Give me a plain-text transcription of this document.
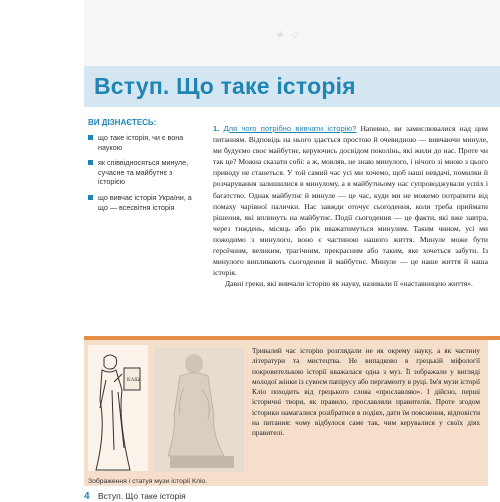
✦ ✧
Вступ. Що таке історія
ВИ ДІЗНАЄТЕСЬ:
що таке історія, чи є вона наукою
як співвідносяться минуле, сучасне та майбутнє з історією
що вивчає історія України, а що — всесвітня історія

1. Для чого потрібно вивчати історію? Напевно, ви замислювалися над цим питанням. Відповідь на нього здається простою й очевидною — вивчаючи минуле, ми будуємо своє майбутнє, керуючись досвідом поколінь, які жили до нас. Проте чи так це? Можна сказати собі: а ж, мовляв, не знаю минулого, і нічого зі мною з цього приводу не станеться. У той самий час усі ми хочемо, щоб наші невдачі, помилки й розчарування залишилися в минулому, а в майбутньому нас супроводжували успіх і багатство. Однак майбутнє й минуле — це час, куди ми не можемо потрапити від помаху чарівної палички. Нас завжди оточує сьогодення, коли треба приймати рішення, які вплинуть на майбутнє. Події сьогодення — це факти, які вже завтра, через тиждень, місяць або рік вважатимуться минулим. Таким чином, усі ми пожодимо з минулого, воно є частиною нашого життя. Минуле може бути героїчним, великим, трагічним, прекрасним або таким, яке хочеться забути. Із минулого випливають сьогодення й майбутнє. Минуле — це наше життя й наша історія.

Давні греки, які вивчали історію як науку, називали її «наставницею життя».

ΚΛΙΩ
Зображення і статуя музи історії Кліо.
Тривалий час історію розглядали не як окрему науку, а як частину літератури та мистецтва. Не випадково в грецькій міфології покровителькою історії вважалася одна з муз. Її зображали у вигляді молодої жінки із сувоєм папірусу або пергаменту в руці. Ім'я музи історії Кліо походить від грецького слова «прославляю». І дійсно, перші історичні твори, як правило, прославляли правителів. Проте згодом історики намагалися розібратися в подіях, дати їм пояснення, відповісти на питання: чому відбулося саме так, чим керувалися у своїх діях правителі.
4 Вступ. Що таке історія
